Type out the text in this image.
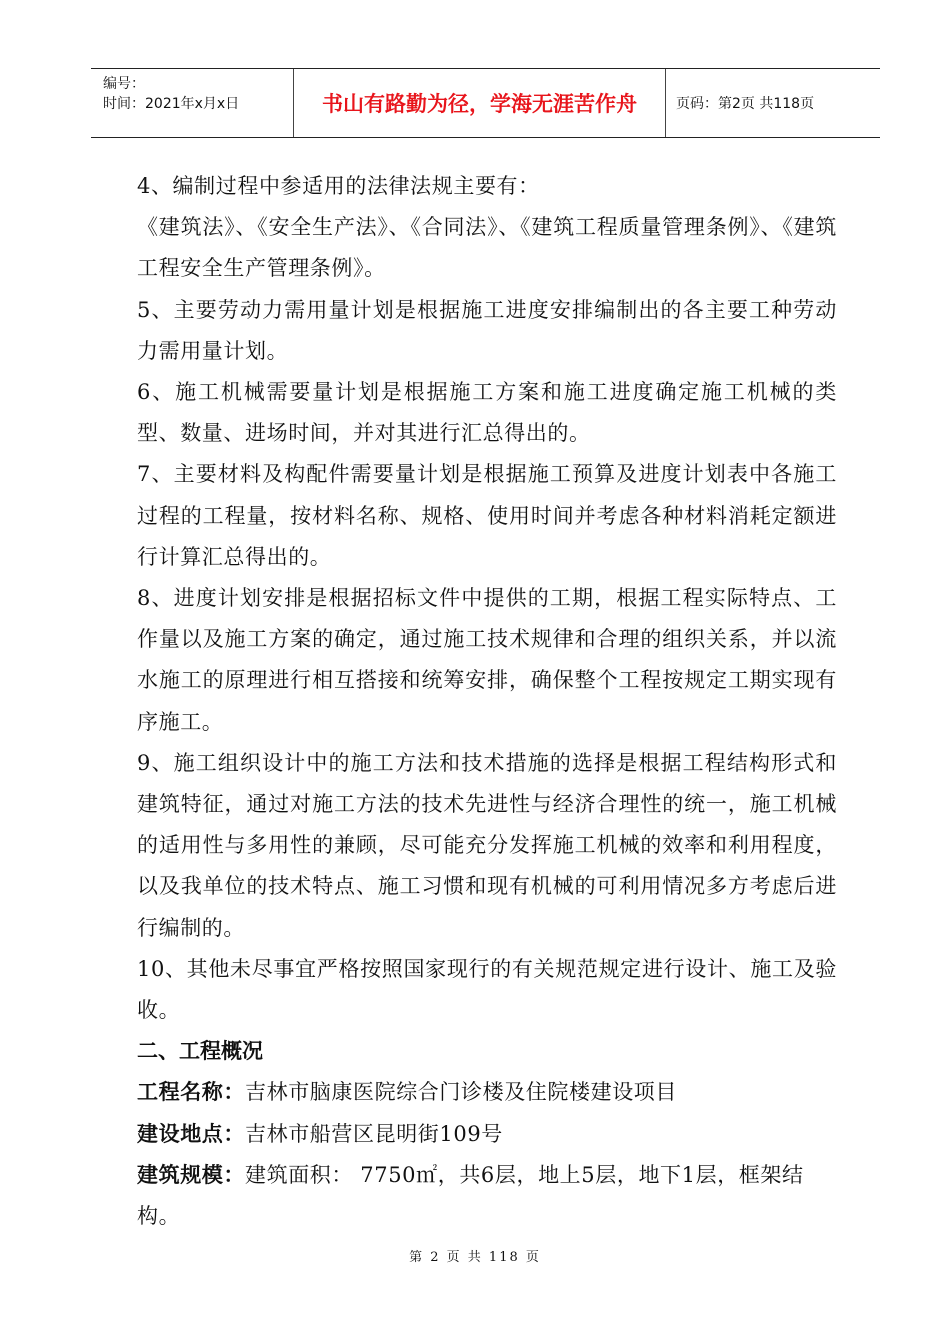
编号：
时间：2021年x月x日	书山有路勤为径，学海无涯苦作舟	页码：第2页 共118页

4、编制过程中参适用的法律法规主要有：

《建筑法》、《安全生产法》、《合同法》、《建筑工程质量管理条例》、《建筑工程安全生产管理条例》。

5、主要劳动力需用量计划是根据施工进度安排编制出的各主要工种劳动力需用量计划。

6、施工机械需要量计划是根据施工方案和施工进度确定施工机械的类型、数量、进场时间，并对其进行汇总得出的。

7、主要材料及构配件需要量计划是根据施工预算及进度计划表中各施工过程的工程量，按材料名称、规格、使用时间并考虑各种材料消耗定额进行计算汇总得出的。

8、进度计划安排是根据招标文件中提供的工期，根据工程实际特点、工作量以及施工方案的确定，通过施工技术规律和合理的组织关系，并以流水施工的原理进行相互搭接和统筹安排，确保整个工程按规定工期实现有序施工。

9、施工组织设计中的施工方法和技术措施的选择是根据工程结构形式和建筑特征，通过对施工方法的技术先进性与经济合理性的统一，施工机械的适用性与多用性的兼顾，尽可能充分发挥施工机械的效率和利用程度，以及我单位的技术特点、施工习惯和现有机械的可利用情况多方考虑后进行编制的。

10、其他未尽事宜严格按照国家现行的有关规范规定进行设计、施工及验收。

二、工程概况

工程名称：吉林市脑康医院综合门诊楼及住院楼建设项目

建设地点：吉林市船营区昆明街109号

建筑规模：建筑面积： 7750㎡，共6层，地上5层，地下1层，框架结构。

第 2 页 共 118 页
